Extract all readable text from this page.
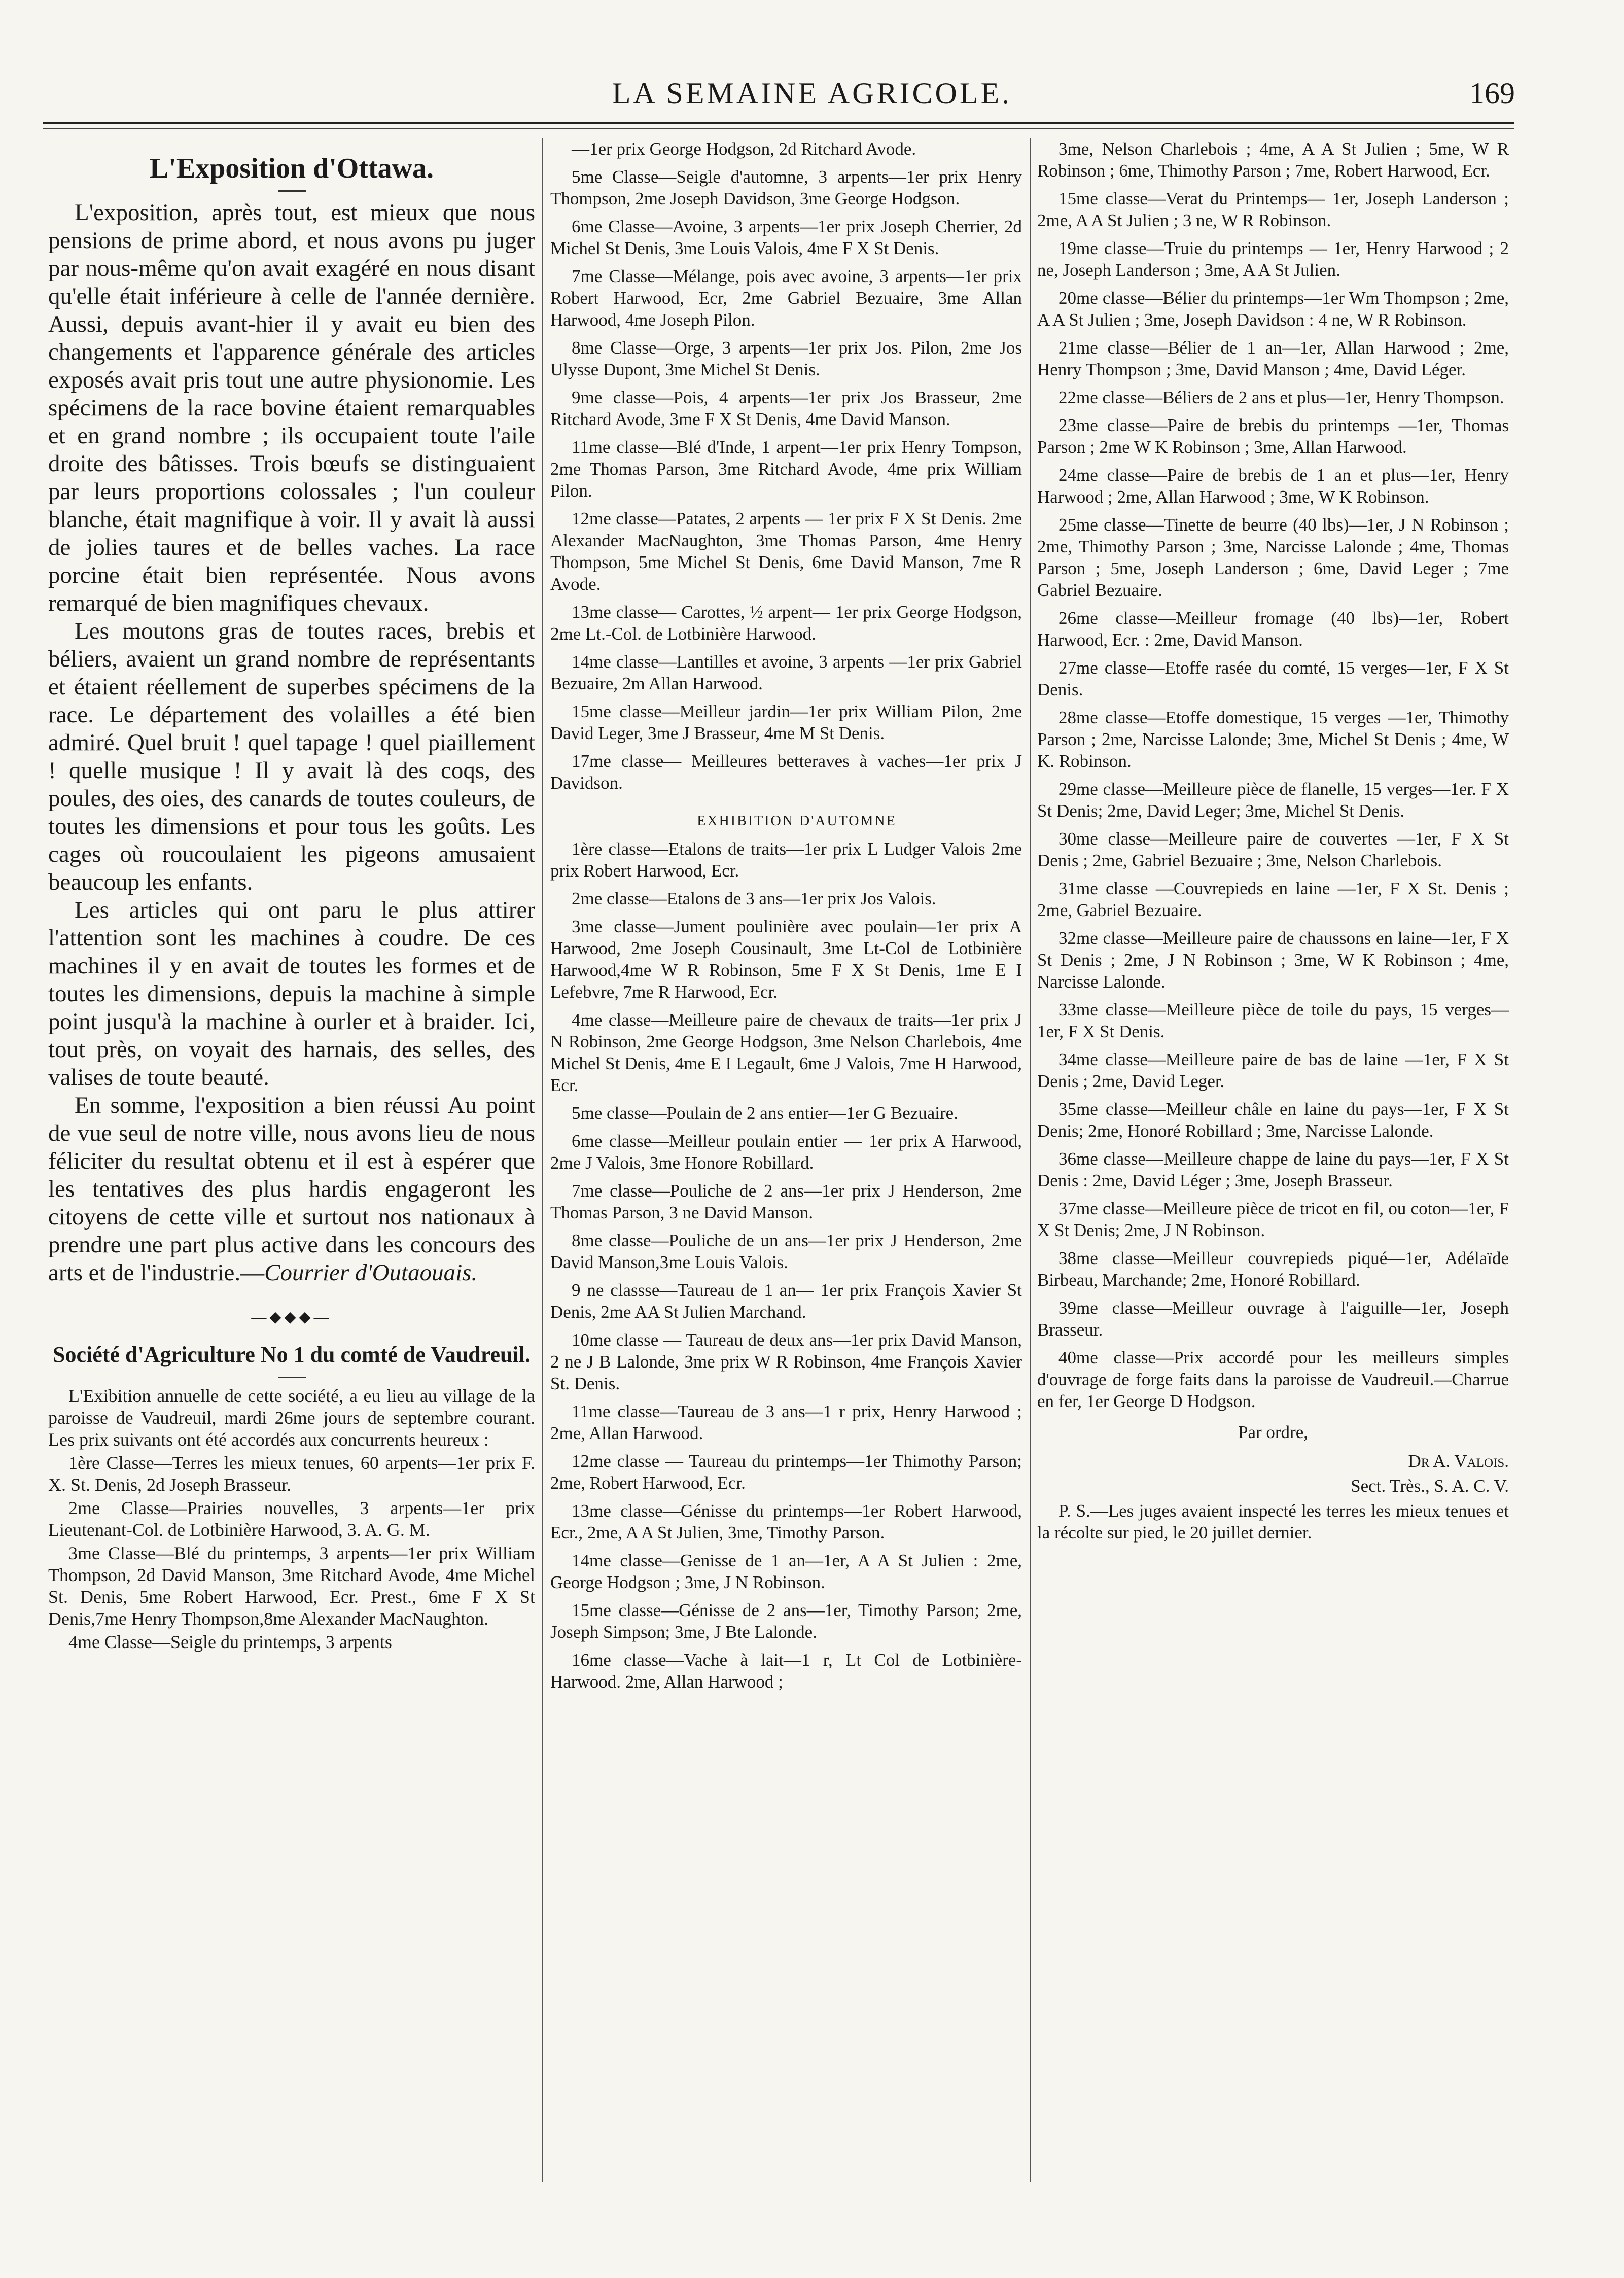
LA SEMAINE AGRICOLE.	169
L'Exposition d'Ottawa.

L'exposition, après tout, est mieux que nous pensions de prime abord, et nous avons pu juger par nous-même qu'on avait exagéré en nous disant qu'elle était inférieure à celle de l'année dernière. Aussi, depuis avant-hier il y avait eu bien des changements et l'apparence générale des articles exposés avait pris tout une autre physionomie. Les spécimens de la race bovine étaient remarquables et en grand nombre ; ils occupaient toute l'aile droite des bâtisses. Trois bœufs se distinguaient par leurs proportions colossales ; l'un couleur blanche, était magnifique à voir. Il y avait là aussi de jolies taures et de belles vaches. La race porcine était bien représentée. Nous avons remarqué de bien magnifiques chevaux.

Les moutons gras de toutes races, brebis et béliers, avaient un grand nombre de représentants et étaient réellement de superbes spécimens de la race. Le département des volailles a été bien admiré. Quel bruit ! quel tapage ! quel piaillement ! quelle musique ! Il y avait là des coqs, des poules, des oies, des canards de toutes couleurs, de toutes les dimensions et pour tous les goûts. Les cages où roucoulaient les pigeons amusaient beaucoup les enfants.

Les articles qui ont paru le plus attirer l'attention sont les machines à coudre. De ces machines il y en avait de toutes les formes et de toutes les dimensions, depuis la machine à simple point jusqu'à la machine à ourler et à braider. Ici, tout près, on voyait des harnais, des selles, des valises de toute beauté.

En somme, l'exposition a bien réussi Au point de vue seul de notre ville, nous avons lieu de nous féliciter du resultat obtenu et il est à espérer que les tentatives des plus hardis engageront les citoyens de cette ville et surtout nos nationaux à prendre une part plus active dans les concours des arts et de l'industrie.—Courrier d'Outaouais.

—◆◆◆—
Société d'Agriculture No 1 du comté de Vaudreuil.

L'Exibition annuelle de cette société, a eu lieu au village de la paroisse de Vaudreuil, mardi 26me jours de septembre courant. Les prix suivants ont été accordés aux concurrents heureux :

1ère Classe—Terres les mieux tenues, 60 arpents—1er prix F. X. St. Denis, 2d Joseph Brasseur.

2me Classe—Prairies nouvelles, 3 arpents—1er prix Lieutenant-Col. de Lotbinière Harwood, 3. A. G. M.

3me Classe—Blé du printemps, 3 arpents—1er prix William Thompson, 2d David Manson, 3me Ritchard Avode, 4me Michel St. Denis, 5me Robert Harwood, Ecr. Prest., 6me F X St Denis,7me Henry Thompson,8me Alexander MacNaughton.

4me Classe—Seigle du printemps, 3 arpents

—1er prix George Hodgson, 2d Ritchard Avode.

5me Classe—Seigle d'automne, 3 arpents—1er prix Henry Thompson, 2me Joseph Davidson, 3me George Hodgson.

6me Classe—Avoine, 3 arpents—1er prix Joseph Cherrier, 2d Michel St Denis, 3me Louis Valois, 4me F X St Denis.

7me Classe—Mélange, pois avec avoine, 3 arpents—1er prix Robert Harwood, Ecr, 2me Gabriel Bezuaire, 3me Allan Harwood, 4me Joseph Pilon.

8me Classe—Orge, 3 arpents—1er prix Jos. Pilon, 2me Jos Ulysse Dupont, 3me Michel St Denis.

9me classe—Pois, 4 arpents—1er prix Jos Brasseur, 2me Ritchard Avode, 3me F X St Denis, 4me David Manson.

11me classe—Blé d'Inde, 1 arpent—1er prix Henry Tompson, 2me Thomas Parson, 3me Ritchard Avode, 4me prix William Pilon.

12me classe—Patates, 2 arpents — 1er prix F X St Denis. 2me Alexander MacNaughton, 3me Thomas Parson, 4me Henry Thompson, 5me Michel St Denis, 6me David Manson, 7me R Avode.

13me classe— Carottes, ½ arpent— 1er prix George Hodgson, 2me Lt.-Col. de Lotbinière Harwood.

14me classe—Lantilles et avoine, 3 arpents —1er prix Gabriel Bezuaire, 2m Allan Harwood.

15me classe—Meilleur jardin—1er prix William Pilon, 2me David Leger, 3me J Brasseur, 4me M St Denis.

17me classe— Meilleures betteraves à vaches—1er prix J Davidson.

EXHIBITION D'AUTOMNE

1ère classe—Etalons de traits—1er prix L Ludger Valois 2me prix Robert Harwood, Ecr.

2me classe—Etalons de 3 ans—1er prix Jos Valois.

3me classe—Jument poulinière avec poulain—1er prix A Harwood, 2me Joseph Cousinault, 3me Lt-Col de Lotbinière Harwood,4me W R Robinson, 5me F X St Denis, 1me E I Lefebvre, 7me R Harwood, Ecr.

4me classe—Meilleure paire de chevaux de traits—1er prix J N Robinson, 2me George Hodgson, 3me Nelson Charlebois, 4me Michel St Denis, 4me E I Legault, 6me J Valois, 7me H Harwood, Ecr.

5me classe—Poulain de 2 ans entier—1er G Bezuaire.

6me classe—Meilleur poulain entier — 1er prix A Harwood, 2me J Valois, 3me Honore Robillard.

7me classe—Pouliche de 2 ans—1er prix J Henderson, 2me Thomas Parson, 3 ne David Manson.

8me classe—Pouliche de un ans—1er prix J Henderson, 2me David Manson,3me Louis Valois.

9 ne classse—Taureau de 1 an— 1er prix François Xavier St Denis, 2me AA St Julien Marchand.

10me classe — Taureau de deux ans—1er prix David Manson, 2 ne J B Lalonde, 3me prix W R Robinson, 4me François Xavier St. Denis.

11me classe—Taureau de 3 ans—1 r prix, Henry Harwood ; 2me, Allan Harwood.

12me classe — Taureau du printemps—1er Thimothy Parson; 2me, Robert Harwood, Ecr.

13me classe—Génisse du printemps—1er Robert Harwood, Ecr., 2me, A A St Julien, 3me, Timothy Parson.

14me classe—Genisse de 1 an—1er, A A St Julien : 2me, George Hodgson ; 3me, J N Robinson.

15me classe—Génisse de 2 ans—1er, Timothy Parson; 2me, Joseph Simpson; 3me, J Bte Lalonde.

16me classe—Vache à lait—1 r, Lt Col de Lotbinière-Harwood. 2me, Allan Harwood ;

3me, Nelson Charlebois ; 4me, A A St Julien ; 5me, W R Robinson ; 6me, Thimothy Parson ; 7me, Robert Harwood, Ecr.

15me classe—Verat du Printemps— 1er, Joseph Landerson ; 2me, A A St Julien ; 3 ne, W R Robinson.

19me classe—Truie du printemps — 1er, Henry Harwood ; 2 ne, Joseph Landerson ; 3me, A A St Julien.

20me classe—Bélier du printemps—1er Wm Thompson ; 2me, A A St Julien ; 3me, Joseph Davidson : 4 ne, W R Robinson.

21me classe—Bélier de 1 an—1er, Allan Harwood ; 2me, Henry Thompson ; 3me, David Manson ; 4me, David Léger.

22me classe—Béliers de 2 ans et plus—1er, Henry Thompson.

23me classe—Paire de brebis du printemps —1er, Thomas Parson ; 2me W K Robinson ; 3me, Allan Harwood.

24me classe—Paire de brebis de 1 an et plus—1er, Henry Harwood ; 2me, Allan Harwood ; 3me, W K Robinson.

25me classe—Tinette de beurre (40 lbs)—1er, J N Robinson ; 2me, Thimothy Parson ; 3me, Narcisse Lalonde ; 4me, Thomas Parson ; 5me, Joseph Landerson ; 6me, David Leger ; 7me Gabriel Bezuaire.

26me classe—Meilleur fromage (40 lbs)—1er, Robert Harwood, Ecr. : 2me, David Manson.

27me classe—Etoffe rasée du comté, 15 verges—1er, F X St Denis.

28me classe—Etoffe domestique, 15 verges —1er, Thimothy Parson ; 2me, Narcisse Lalonde; 3me, Michel St Denis ; 4me, W K. Robinson.

29me classe—Meilleure pièce de flanelle, 15 verges—1er. F X St Denis; 2me, David Leger; 3me, Michel St Denis.

30me classe—Meilleure paire de couvertes —1er, F X St Denis ; 2me, Gabriel Bezuaire ; 3me, Nelson Charlebois.

31me classe —Couvrepieds en laine —1er, F X St. Denis ; 2me, Gabriel Bezuaire.

32me classe—Meilleure paire de chaussons en laine—1er, F X St Denis ; 2me, J N Robinson ; 3me, W K Robinson ; 4me, Narcisse Lalonde.

33me classe—Meilleure pièce de toile du pays, 15 verges—1er, F X St Denis.

34me classe—Meilleure paire de bas de laine —1er, F X St Denis ; 2me, David Leger.

35me classe—Meilleur châle en laine du pays—1er, F X St Denis; 2me, Honoré Robillard ; 3me, Narcisse Lalonde.

36me classe—Meilleure chappe de laine du pays—1er, F X St Denis : 2me, David Léger ; 3me, Joseph Brasseur.

37me classe—Meilleure pièce de tricot en fil, ou coton—1er, F X St Denis; 2me, J N Robinson.

38me classe—Meilleur couvrepieds piqué—1er, Adélaïde Birbeau, Marchande; 2me, Honoré Robillard.

39me classe—Meilleur ouvrage à l'aiguille—1er, Joseph Brasseur.

40me classe—Prix accordé pour les meilleurs simples d'ouvrage de forge faits dans la paroisse de Vaudreuil.—Charrue en fer, 1er George D Hodgson.

Par ordre,

Dr A. Valois.

Sect. Très., S. A. C. V.

P. S.—Les juges avaient inspecté les terres les mieux tenues et la récolte sur pied, le 20 juillet dernier.
